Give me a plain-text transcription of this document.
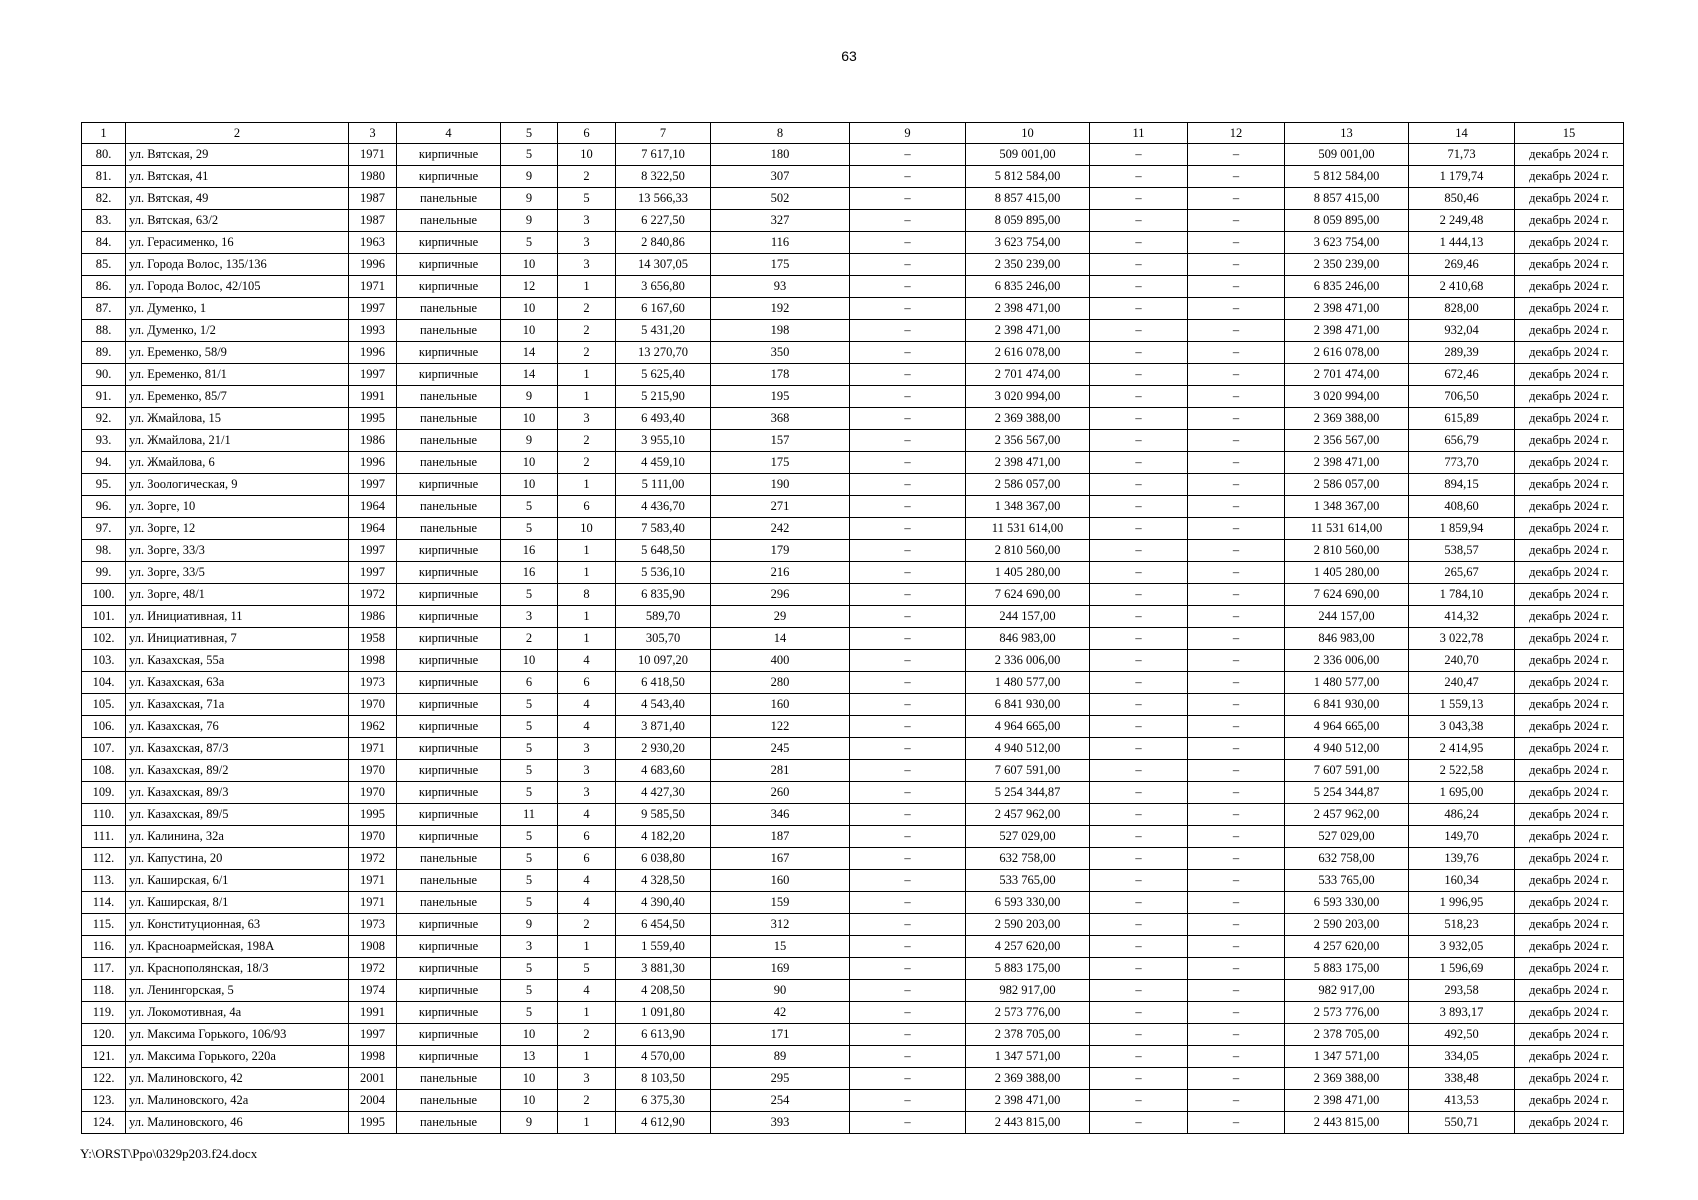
63
1	2	3	4	5	6	7	8	9	10	11	12	13	14	15
80.	ул. Вятская, 29	1971	кирпичные	5	10	7 617,10	180	–	509 001,00	–	–	509 001,00	71,73	декабрь 2024 г.
81.	ул. Вятская, 41	1980	кирпичные	9	2	8 322,50	307	–	5 812 584,00	–	–	5 812 584,00	1 179,74	декабрь 2024 г.
82.	ул. Вятская, 49	1987	панельные	9	5	13 566,33	502	–	8 857 415,00	–	–	8 857 415,00	850,46	декабрь 2024 г.
83.	ул. Вятская, 63/2	1987	панельные	9	3	6 227,50	327	–	8 059 895,00	–	–	8 059 895,00	2 249,48	декабрь 2024 г.
84.	ул. Герасименко, 16	1963	кирпичные	5	3	2 840,86	116	–	3 623 754,00	–	–	3 623 754,00	1 444,13	декабрь 2024 г.
85.	ул. Города Волос, 135/136	1996	кирпичные	10	3	14 307,05	175	–	2 350 239,00	–	–	2 350 239,00	269,46	декабрь 2024 г.
86.	ул. Города Волос, 42/105	1971	кирпичные	12	1	3 656,80	93	–	6 835 246,00	–	–	6 835 246,00	2 410,68	декабрь 2024 г.
87.	ул. Думенко, 1	1997	панельные	10	2	6 167,60	192	–	2 398 471,00	–	–	2 398 471,00	828,00	декабрь 2024 г.
88.	ул. Думенко, 1/2	1993	панельные	10	2	5 431,20	198	–	2 398 471,00	–	–	2 398 471,00	932,04	декабрь 2024 г.
89.	ул. Еременко, 58/9	1996	кирпичные	14	2	13 270,70	350	–	2 616 078,00	–	–	2 616 078,00	289,39	декабрь 2024 г.
90.	ул. Еременко, 81/1	1997	кирпичные	14	1	5 625,40	178	–	2 701 474,00	–	–	2 701 474,00	672,46	декабрь 2024 г.
91.	ул. Еременко, 85/7	1991	панельные	9	1	5 215,90	195	–	3 020 994,00	–	–	3 020 994,00	706,50	декабрь 2024 г.
92.	ул. Жмайлова, 15	1995	панельные	10	3	6 493,40	368	–	2 369 388,00	–	–	2 369 388,00	615,89	декабрь 2024 г.
93.	ул. Жмайлова, 21/1	1986	панельные	9	2	3 955,10	157	–	2 356 567,00	–	–	2 356 567,00	656,79	декабрь 2024 г.
94.	ул. Жмайлова, 6	1996	панельные	10	2	4 459,10	175	–	2 398 471,00	–	–	2 398 471,00	773,70	декабрь 2024 г.
95.	ул. Зоологическая, 9	1997	кирпичные	10	1	5 111,00	190	–	2 586 057,00	–	–	2 586 057,00	894,15	декабрь 2024 г.
96.	ул. Зорге, 10	1964	панельные	5	6	4 436,70	271	–	1 348 367,00	–	–	1 348 367,00	408,60	декабрь 2024 г.
97.	ул. Зорге, 12	1964	панельные	5	10	7 583,40	242	–	11 531 614,00	–	–	11 531 614,00	1 859,94	декабрь 2024 г.
98.	ул. Зорге, 33/3	1997	кирпичные	16	1	5 648,50	179	–	2 810 560,00	–	–	2 810 560,00	538,57	декабрь 2024 г.
99.	ул. Зорге, 33/5	1997	кирпичные	16	1	5 536,10	216	–	1 405 280,00	–	–	1 405 280,00	265,67	декабрь 2024 г.
100.	ул. Зорге, 48/1	1972	кирпичные	5	8	6 835,90	296	–	7 624 690,00	–	–	7 624 690,00	1 784,10	декабрь 2024 г.
101.	ул. Инициативная, 11	1986	кирпичные	3	1	589,70	29	–	244 157,00	–	–	244 157,00	414,32	декабрь 2024 г.
102.	ул. Инициативная, 7	1958	кирпичные	2	1	305,70	14	–	846 983,00	–	–	846 983,00	3 022,78	декабрь 2024 г.
103.	ул. Казахская, 55а	1998	кирпичные	10	4	10 097,20	400	–	2 336 006,00	–	–	2 336 006,00	240,70	декабрь 2024 г.
104.	ул. Казахская, 63а	1973	кирпичные	6	6	6 418,50	280	–	1 480 577,00	–	–	1 480 577,00	240,47	декабрь 2024 г.
105.	ул. Казахская, 71а	1970	кирпичные	5	4	4 543,40	160	–	6 841 930,00	–	–	6 841 930,00	1 559,13	декабрь 2024 г.
106.	ул. Казахская, 76	1962	кирпичные	5	4	3 871,40	122	–	4 964 665,00	–	–	4 964 665,00	3 043,38	декабрь 2024 г.
107.	ул. Казахская, 87/3	1971	кирпичные	5	3	2 930,20	245	–	4 940 512,00	–	–	4 940 512,00	2 414,95	декабрь 2024 г.
108.	ул. Казахская, 89/2	1970	кирпичные	5	3	4 683,60	281	–	7 607 591,00	–	–	7 607 591,00	2 522,58	декабрь 2024 г.
109.	ул. Казахская, 89/3	1970	кирпичные	5	3	4 427,30	260	–	5 254 344,87	–	–	5 254 344,87	1 695,00	декабрь 2024 г.
110.	ул. Казахская, 89/5	1995	кирпичные	11	4	9 585,50	346	–	2 457 962,00	–	–	2 457 962,00	486,24	декабрь 2024 г.
111.	ул. Калинина, 32а	1970	кирпичные	5	6	4 182,20	187	–	527 029,00	–	–	527 029,00	149,70	декабрь 2024 г.
112.	ул. Капустина, 20	1972	панельные	5	6	6 038,80	167	–	632 758,00	–	–	632 758,00	139,76	декабрь 2024 г.
113.	ул. Каширская, 6/1	1971	панельные	5	4	4 328,50	160	–	533 765,00	–	–	533 765,00	160,34	декабрь 2024 г.
114.	ул. Каширская, 8/1	1971	панельные	5	4	4 390,40	159	–	6 593 330,00	–	–	6 593 330,00	1 996,95	декабрь 2024 г.
115.	ул. Конституционная, 63	1973	кирпичные	9	2	6 454,50	312	–	2 590 203,00	–	–	2 590 203,00	518,23	декабрь 2024 г.
116.	ул. Красноармейская, 198А	1908	кирпичные	3	1	1 559,40	15	–	4 257 620,00	–	–	4 257 620,00	3 932,05	декабрь 2024 г.
117.	ул. Краснополянская, 18/3	1972	кирпичные	5	5	3 881,30	169	–	5 883 175,00	–	–	5 883 175,00	1 596,69	декабрь 2024 г.
118.	ул. Ленингорская, 5	1974	кирпичные	5	4	4 208,50	90	–	982 917,00	–	–	982 917,00	293,58	декабрь 2024 г.
119.	ул. Локомотивная, 4а	1991	кирпичные	5	1	1 091,80	42	–	2 573 776,00	–	–	2 573 776,00	3 893,17	декабрь 2024 г.
120.	ул. Максима Горького, 106/93	1997	кирпичные	10	2	6 613,90	171	–	2 378 705,00	–	–	2 378 705,00	492,50	декабрь 2024 г.
121.	ул. Максима Горького, 220а	1998	кирпичные	13	1	4 570,00	89	–	1 347 571,00	–	–	1 347 571,00	334,05	декабрь 2024 г.
122.	ул. Малиновского, 42	2001	панельные	10	3	8 103,50	295	–	2 369 388,00	–	–	2 369 388,00	338,48	декабрь 2024 г.
123.	ул. Малиновского, 42а	2004	панельные	10	2	6 375,30	254	–	2 398 471,00	–	–	2 398 471,00	413,53	декабрь 2024 г.
124.	ул. Малиновского, 46	1995	панельные	9	1	4 612,90	393	–	2 443 815,00	–	–	2 443 815,00	550,71	декабрь 2024 г.
Y:\ORST\Ppo\0329p203.f24.docx
